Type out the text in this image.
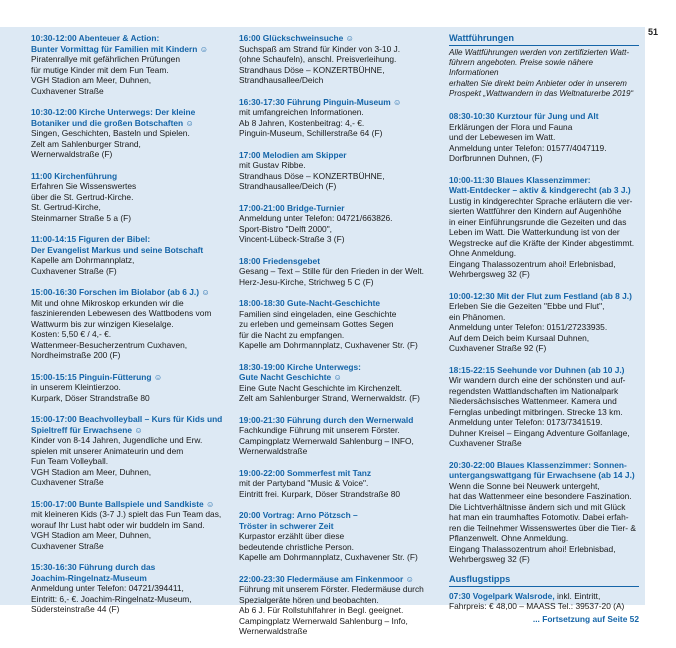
51
10:30-12:00 Abenteuer & Action:
Bunter Vormittag für Familien mit Kindern ☺
Piratenrallye mit gefährlichen Prüfungen
für mutige Kinder mit dem Fun Team.
VGH Stadion am Meer, Duhnen,
Cuxhavener Straße
10:30-12:00 Kirche Unterwegs: Der kleine
Botaniker und die großen Botschaften ☺
Singen, Geschichten, Basteln und Spielen.
Zelt am Sahlenburger Strand,
Wernerwaldstraße (F)
11:00 Kirchenführung
Erfahren Sie Wissenswertes
über die St. Gertrud-Kirche.
St. Gertrud-Kirche,
Steinmarner Straße 5 a (F)
11:00-14:15 Figuren der Bibel:
Der Evangelist Markus und seine Botschaft
Kapelle am Dohrmannplatz,
Cuxhavener Straße (F)
15:00-16:30 Forschen im Biolabor (ab 6 J.) ☺
Mit und ohne Mikroskop erkunden wir die
faszinierenden Lebewesen des Wattbodens vom
Wattwurm bis zur winzigen Kieselalge.
Kosten: 5,50 € / 4,- €.
Wattenmeer-Besucherzentrum Cuxhaven,
Nordheimstraße 200 (F)
15:00-15:15 Pinguin-Fütterung ☺
in unserem Kleintierzoo.
Kurpark, Döser Strandstraße 80
15:00-17:00 Beachvolleyball – Kurs für Kids und
Spieltreff für Erwachsene ☺
Kinder von 8-14 Jahren, Jugendliche und Erw.
spielen mit unserer Animateurin und dem
Fun Team Volleyball.
VGH Stadion am Meer, Duhnen,
Cuxhavener Straße
15:00-17:00 Bunte Ballspiele und Sandkiste ☺
mit kleineren Kids (3-7 J.) spielt das Fun Team das,
worauf Ihr Lust habt oder wir buddeln im Sand.
VGH Stadion am Meer, Duhnen,
Cuxhavener Straße
15:30-16:30 Führung durch das
Joachim-Ringelnatz-Museum
Anmeldung unter Telefon: 04721/394411,
Eintritt: 6,- €. Joachim-Ringelnatz-Museum,
Südersteinstraße 44 (F)
16:00 Glückschweinsuche ☺
Suchspaß am Strand für Kinder von 3-10 J.
(ohne Schaufeln), anschl. Preisverleihung.
Strandhaus Döse – KONZERTBÜHNE,
Strandhausallee/Deich
16:30-17:30 Führung Pinguin-Museum ☺
mit umfangreichen Informationen.
Ab 8 Jahren, Kostenbeitrag: 4,- €.
Pinguin-Museum, Schillerstraße 64 (F)
17:00 Melodien am Skipper
mit Gustav Ribbe.
Strandhaus Döse – KONZERTBÜHNE,
Strandhausallee/Deich (F)
17:00-21:00 Bridge-Turnier
Anmeldung unter Telefon: 04721/663826.
Sport-Bistro "Delft 2000",
Vincent-Lübeck-Straße 3 (F)
18:00 Friedensgebet
Gesang – Text – Stille für den Frieden in der Welt.
Herz-Jesu-Kirche, Strichweg 5 C (F)
18:00-18:30 Gute-Nacht-Geschichte
Familien sind eingeladen, eine Geschichte
zu erleben und gemeinsam Gottes Segen
für die Nacht zu empfangen.
Kapelle am Dohrmannplatz, Cuxhavener Str. (F)
18:30-19:00 Kirche Unterwegs:
Gute Nacht Geschichte ☺
Eine Gute Nacht Geschichte im Kirchenzelt.
Zelt am Sahlenburger Strand, Wernerwaldstr. (F)
19:00-21:30 Führung durch den Wernerwald
Fachkundige Führung mit unserem Förster.
Campingplatz Wernerwald Sahlenburg – INFO,
Wernerwaldstraße
19:00-22:00 Sommerfest mit Tanz
mit der Partyband "Music & Voice".
Eintritt frei. Kurpark, Döser Strandstraße 80
20:00 Vortrag: Arno Pötzsch –
Tröster in schwerer Zeit
Kurpastor erzählt über diese
bedeutende christliche Person.
Kapelle am Dohrmannplatz, Cuxhavener Str. (F)
22:00-23:30 Fledermäuse am Finkenmoor ☺
Führung mit unserem Förster. Fledermäuse durch
Spezialgeräte hören und beobachten.
Ab 6 J. Für Rollstuhlfahrer in Begl. geeignet.
Campingplatz Wernerwald Sahlenburg – Info,
Wernerwaldstraße
Wattführungen
Alle Wattführungen werden von zertifizierten Watt-
führern angeboten. Preise sowie nähere Informationen
erhalten Sie direkt beim Anbieter oder in unserem
Prospekt „Wattwandern in das Weltnaturerbe 2019“
08:30-10:30 Kurztour für Jung und Alt
Erklärungen der Flora und Fauna
und der Lebewesen im Watt.
Anmeldung unter Telefon: 01577/4047119.
Dorfbrunnen Duhnen, (F)
10:00-11:30 Blaues Klassenzimmer:
Watt-Entdecker – aktiv & kindgerecht (ab 3 J.)
Lustig in kindgerechter Sprache erläutern die ver-
sierten Wattführer den Kindern auf Augenhöhe
in einer Einführungsrunde die Gezeiten und das
Leben im Watt. Die Watterkundung ist von der
Wegstrecke auf die Kräfte der Kinder abgestimmt.
Ohne Anmeldung.
Eingang Thalassozentrum ahoi! Erlebnisbad,
Wehrbergsweg 32 (F)
10:00-12:30 Mit der Flut zum Festland (ab 8 J.)
Erleben Sie die Gezeiten "Ebbe und Flut",
ein Phänomen.
Anmeldung unter Telefon: 0151/27233935.
Auf dem Deich beim Kursaal Duhnen,
Cuxhavener Straße 92 (F)
18:15-22:15 Seehunde vor Duhnen (ab 10 J.)
Wir wandern durch eine der schönsten und auf-
regendsten Wattlandschaften im Nationalpark
Niedersächsisches Wattenmeer. Kamera und
Fernglas unbedingt mitbringen. Strecke 13 km.
Anmeldung unter Telefon: 0173/7341519.
Duhner Kreisel – Eingang Adventure Golfanlage,
Cuxhavener Straße
20:30-22:00 Blaues Klassenzimmer: Sonnen-
untergangswattgang für Erwachsene (ab 14 J.)
Wenn die Sonne bei Neuwerk untergeht,
hat das Wattenmeer eine besondere Faszination.
Die Lichtverhältnisse ändern sich und mit Glück
hat man ein traumhaftes Fotomotiv. Dabei erfah-
ren die Teilnehmer Wissenswertes über die Tier- &
Pflanzenwelt. Ohne Anmeldung.
Eingang Thalassozentrum ahoi! Erlebnisbad,
Wehrbergsweg 32 (F)
Ausflugstipps
07:30 Vogelpark Walsrode, inkl. Eintritt,
Fahrpreis: € 48,00 – MAASS Tel.: 39537-20 (A)
... Fortsetzung auf Seite 52
